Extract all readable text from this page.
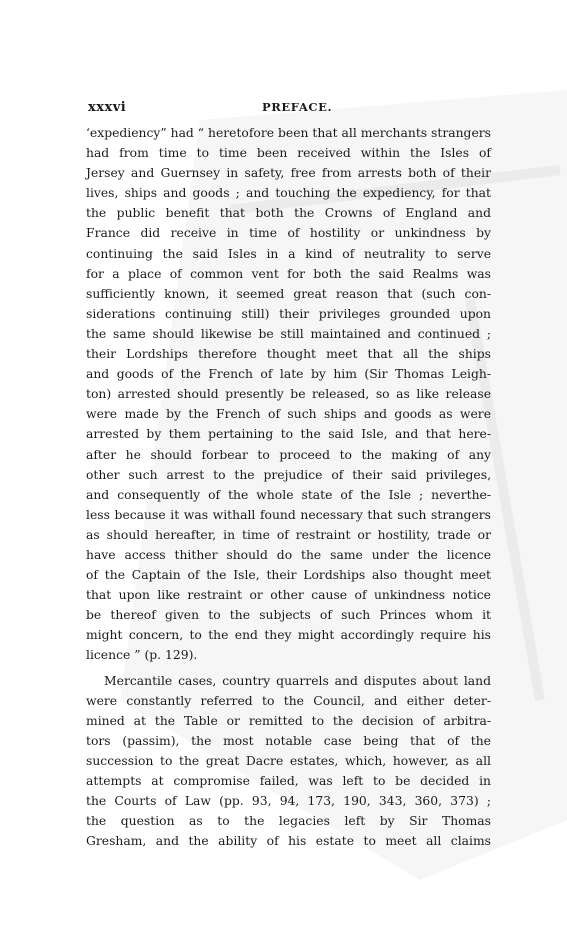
xxxvi	PREFACE.
‘expediency” had “ heretofore been that all merchants strangers
had from time to time been received within the Isles of
Jersey and Guernsey in safety, free from arrests both of their
lives, ships and goods ; and touching the expediency, for that
the public benefit that both the Crowns of England and
France did receive in time of hostility or unkindness by
continuing the said Isles in a kind of neutrality to serve
for a place of common vent for both the said Realms was
sufficiently known, it seemed great reason that (such con-
siderations continuing still) their privileges grounded upon
the same should likewise be still maintained and continued ;
their Lordships therefore thought meet that all the ships
and goods of the French of late by him (Sir Thomas Leigh-
ton) arrested should presently be released, so as like release
were made by the French of such ships and goods as were
arrested by them pertaining to the said Isle, and that here-
after he should forbear to proceed to the making of any
other such arrest to the prejudice of their said privileges,
and consequently of the whole state of the Isle ; neverthe-
less because it was withall found necessary that such strangers
as should hereafter, in time of restraint or hostility, trade or
have access thither should do the same under the licence
of the Captain of the Isle, their Lordships also thought meet
that upon like restraint or other cause of unkindness notice
be thereof given to the subjects of such Princes whom it
might concern, to the end they might accordingly require his
licence ” (p. 129).
Mercantile cases, country quarrels and disputes about land
were constantly referred to the Council, and either deter-
mined at the Table or remitted to the decision of arbitra-
tors (passim), the most notable case being that of the
succession to the great Dacre estates, which, however, as all
attempts at compromise failed, was left to be decided in
the Courts of Law (pp. 93, 94, 173, 190, 343, 360, 373) ;
the question as to the legacies left by Sir Thomas
Gresham, and the ability of his estate to meet all claims
